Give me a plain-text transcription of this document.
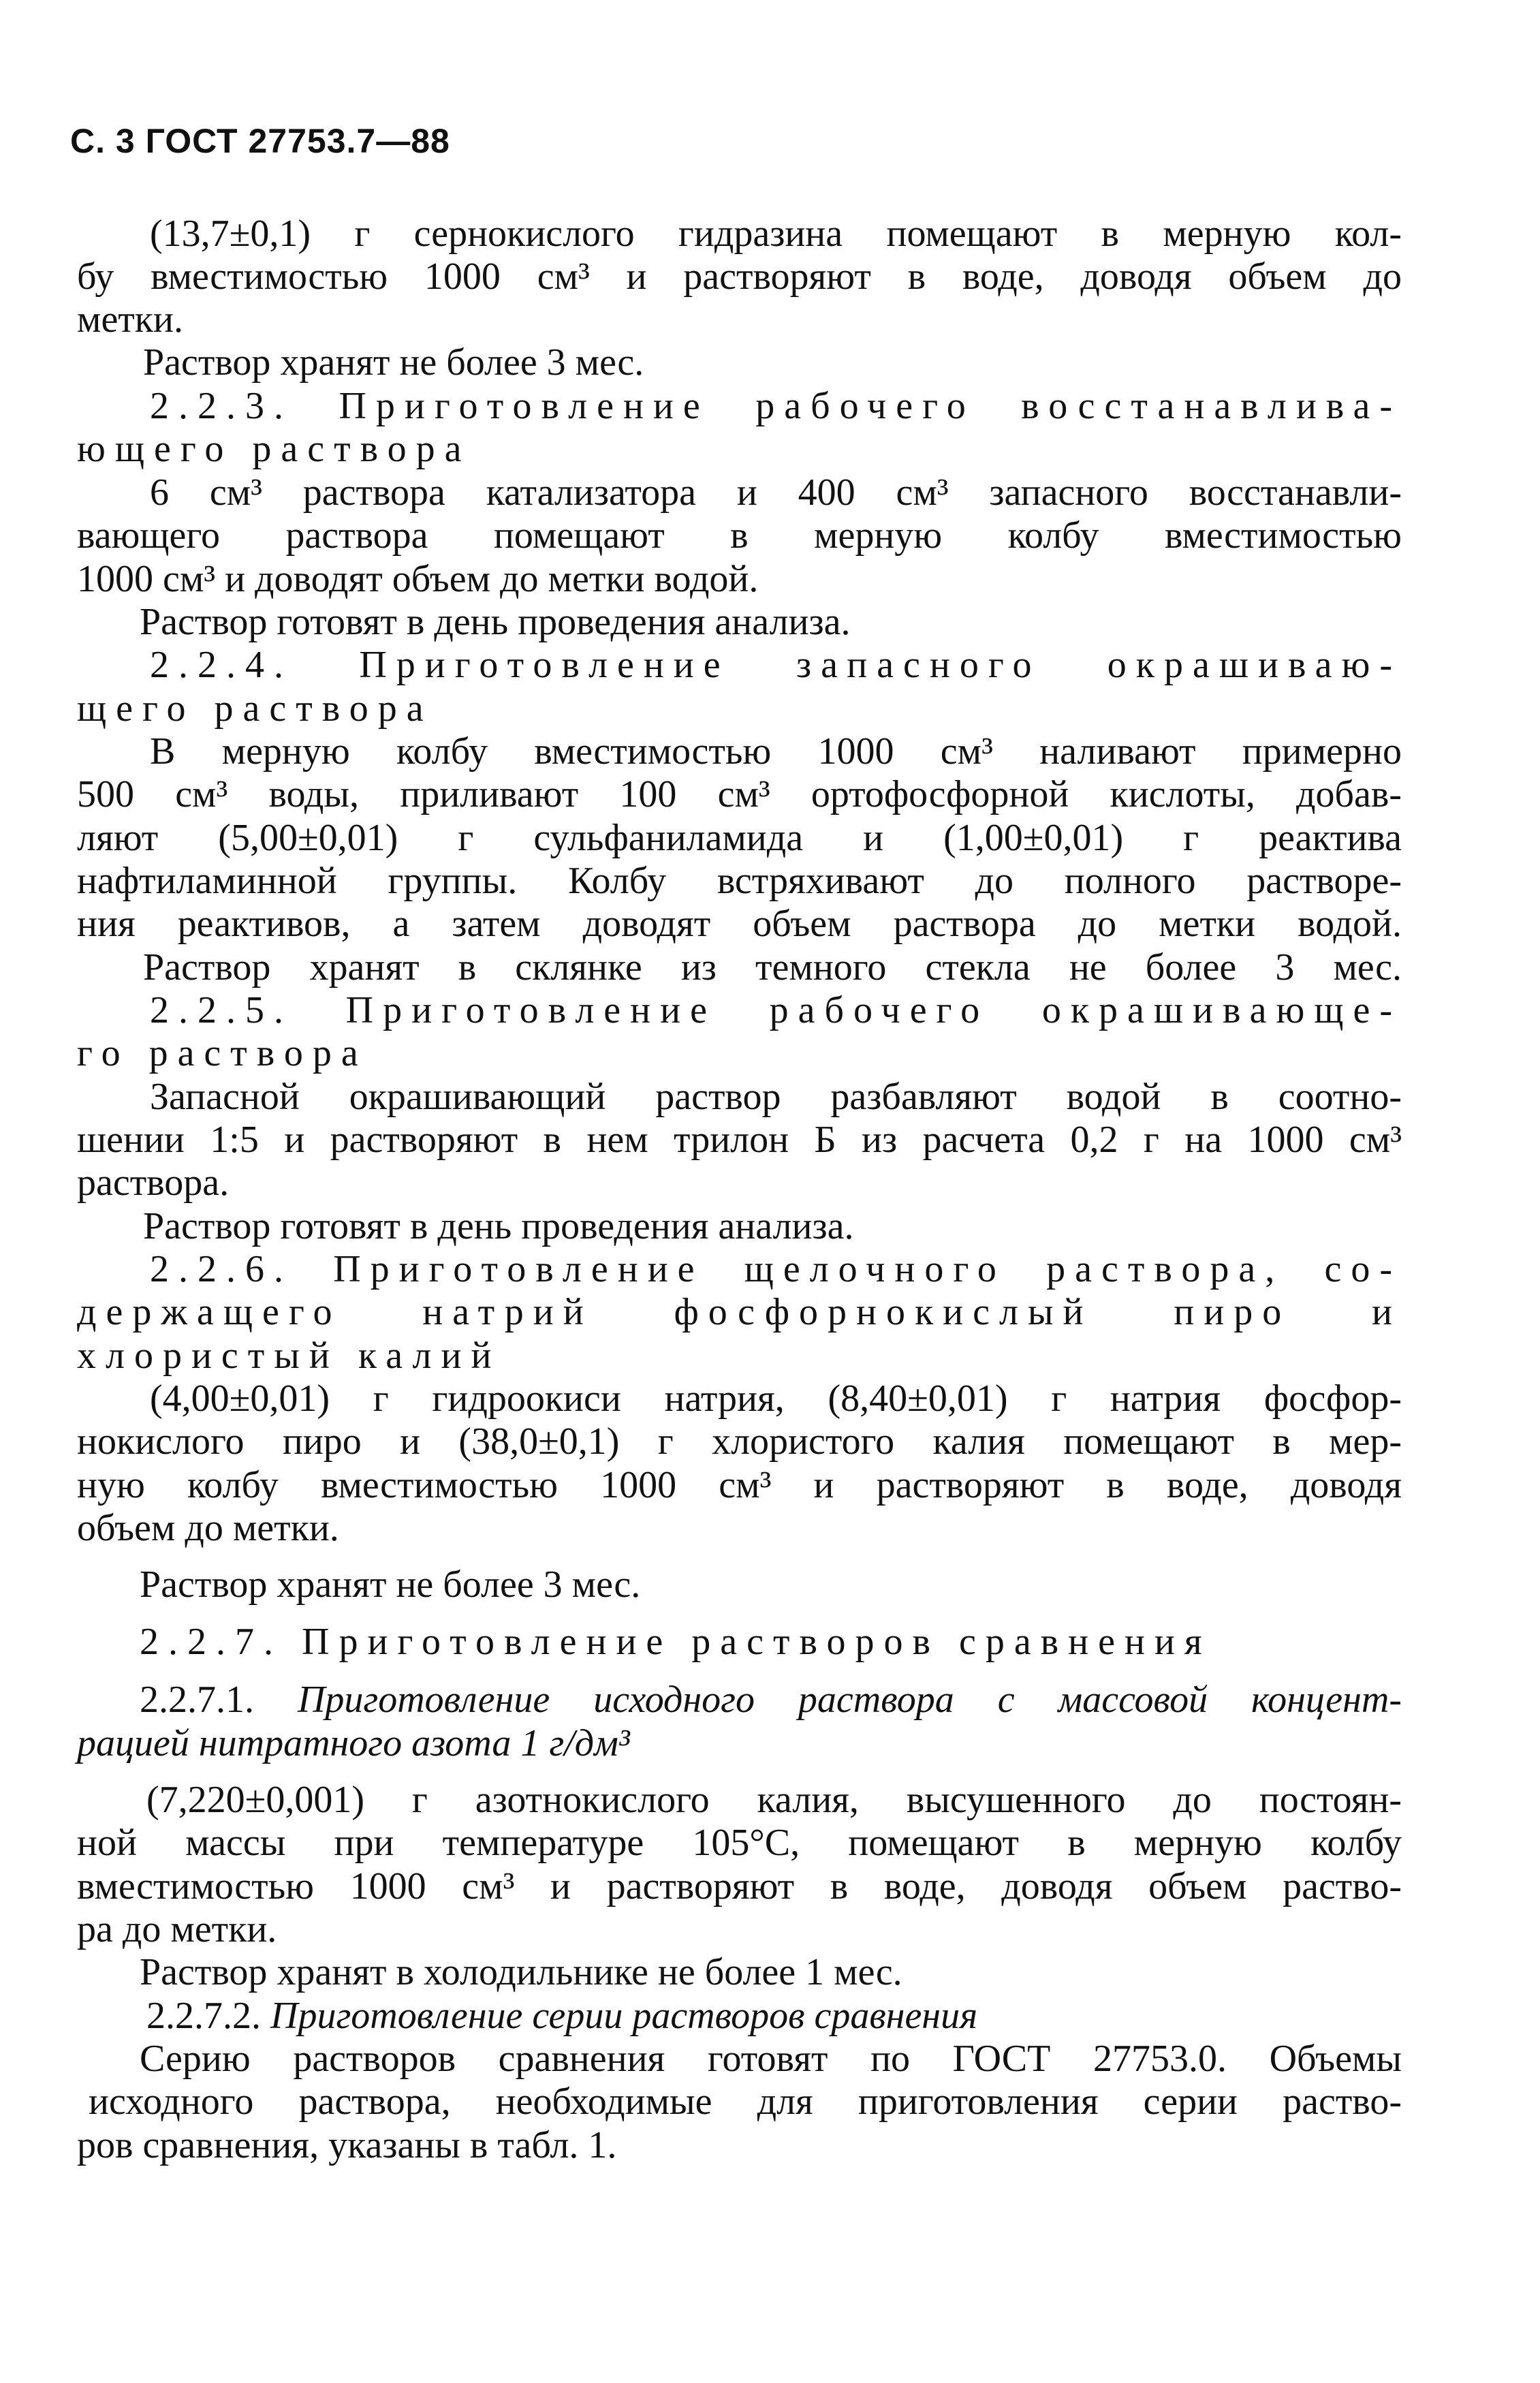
С. 3 ГОСТ 27753.7—88
(13,7±0,1) г сернокислого гидразина помещают в мерную кол-
бу вместимостью 1000 см³ и растворяют в воде, доводя объем до
метки.
Раствор хранят не более 3 мес.
2.2.3. Приготовление рабочего восстанавлива-
ющего раствора
6 см³ раствора катализатора и 400 см³ запасного восстанавли-
вающего раствора помещают в мерную колбу вместимостью
1000 см³ и доводят объем до метки водой.
Раствор готовят в день проведения анализа.
2.2.4. Приготовление запасного окрашиваю-
щего раствора
В мерную колбу вместимостью 1000 см³ наливают примерно
500 см³ воды, приливают 100 см³ ортофосфорной кислоты, добав-
ляют (5,00±0,01) г сульфаниламида и (1,00±0,01) г реактива
нафтиламинной группы. Колбу встряхивают до полного растворе-
ния реактивов, а затем доводят объем раствора до метки водой.
Раствор хранят в склянке из темного стекла не более 3 мес.
2.2.5. Приготовление рабочего окрашивающе-
го раствора
Запасной окрашивающий раствор разбавляют водой в соотно-
шении 1:5 и растворяют в нем трилон Б из расчета 0,2 г на 1000 см³
раствора.
Раствор готовят в день проведения анализа.
2.2.6. Приготовление щелочного раствора, со-
держащего натрий фосфорнокислый пиро и
хлористый калий
(4,00±0,01) г гидроокиси натрия, (8,40±0,01) г натрия фосфор-
нокислого пиро и (38,0±0,1) г хлористого калия помещают в мер-
ную колбу вместимостью 1000 см³ и растворяют в воде, доводя
объем до метки.
Раствор хранят не более 3 мес.
2.2.7. Приготовление растворов сравнения
2.2.7.1. Приготовление исходного раствора с массовой концент-
рацией нитратного азота 1 г/дм³
(7,220±0,001) г азотнокислого калия, высушенного до постоян-
ной массы при температуре 105°С, помещают в мерную колбу
вместимостью 1000 см³ и растворяют в воде, доводя объем раство-
ра до метки.
Раствор хранят в холодильнике не более 1 мес.
2.2.7.2. Приготовление серии растворов сравнения
Серию растворов сравнения готовят по ГОСТ 27753.0. Объемы
исходного раствора, необходимые для приготовления серии раство-
ров сравнения, указаны в табл. 1.
